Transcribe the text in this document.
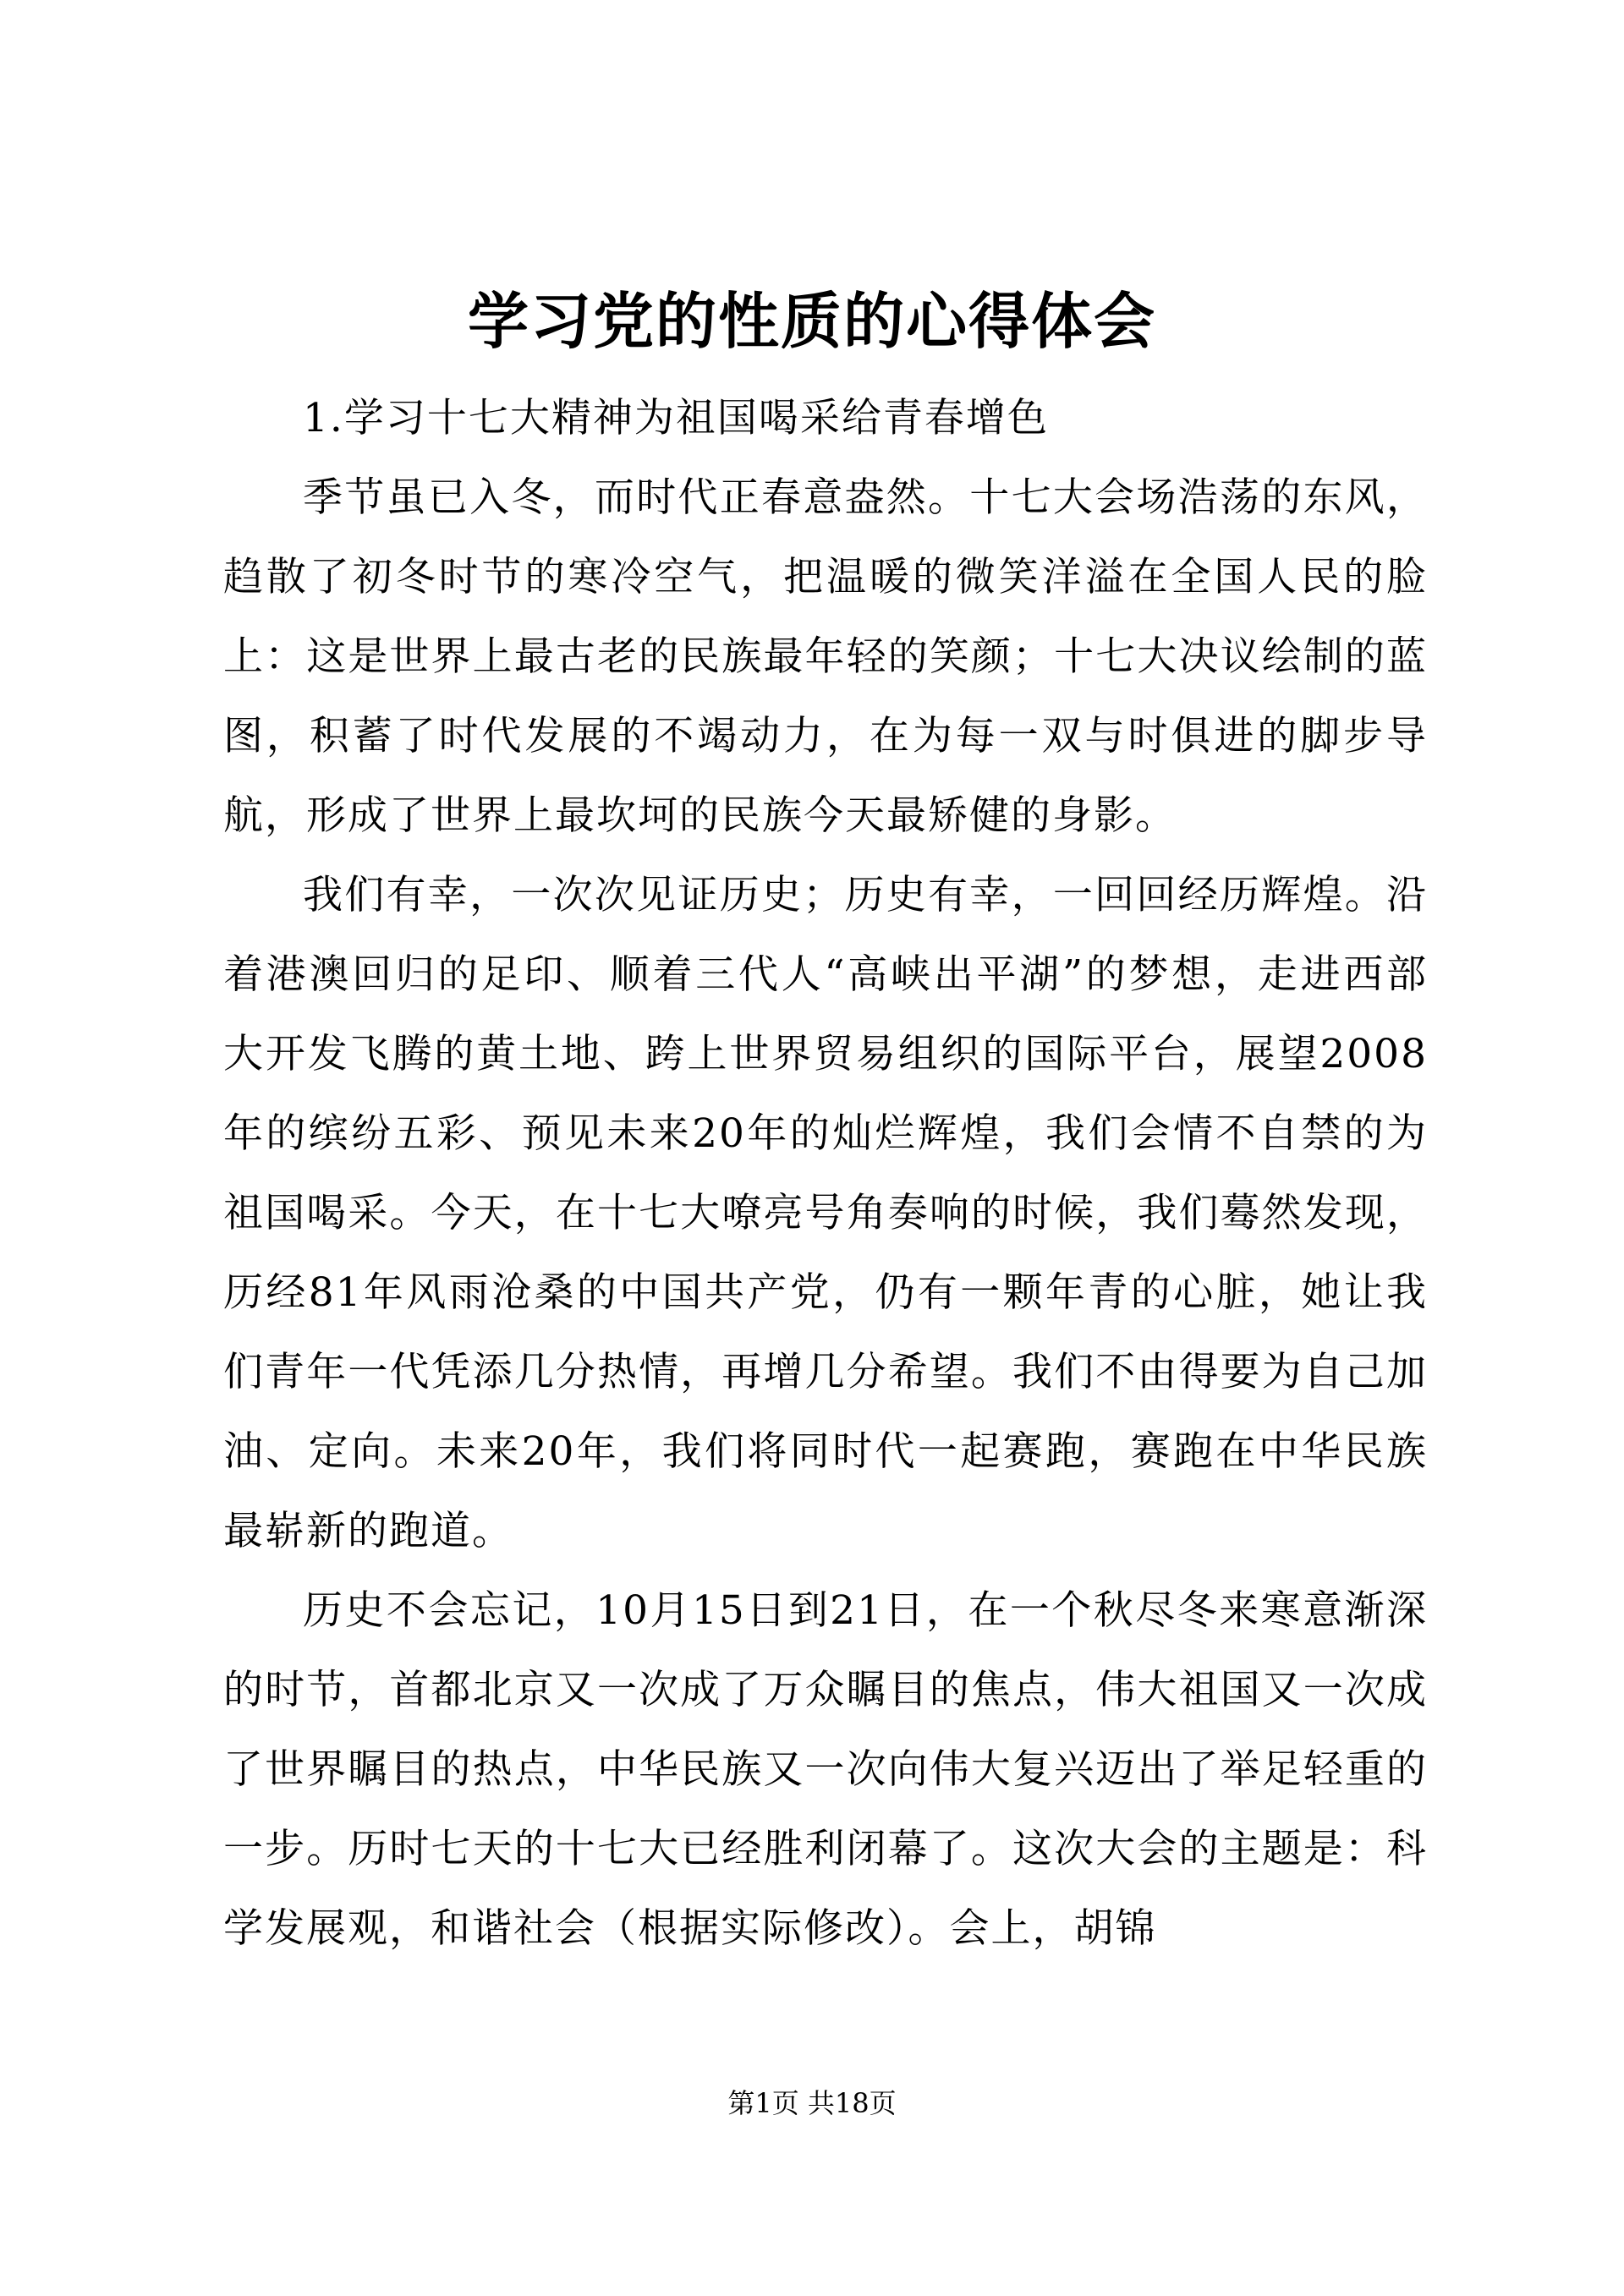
学习党的性质的心得体会

1.学习十七大精神为祖国喝采给青春增色

季节虽已入冬，而时代正春意盎然。十七大会场浩荡的东风，趋散了初冬时节的寒冷空气，把温暖的微笑洋溢在全国人民的脸上：这是世界上最古老的民族最年轻的笑颜；十七大决议绘制的蓝图，积蓄了时代发展的不竭动力，在为每一双与时俱进的脚步导航，形成了世界上最坎坷的民族今天最矫健的身影。

我们有幸，一次次见证历史；历史有幸，一回回经历辉煌。沿着港澳回归的足印、顺着三代人“高峡出平湖”的梦想，走进西部大开发飞腾的黄土地、跨上世界贸易组织的国际平台，展望2008年的缤纷五彩、预见未来20年的灿烂辉煌，我们会情不自禁的为祖国喝采。今天，在十七大嘹亮号角奏响的时候，我们蓦然发现，历经81年风雨沧桑的中国共产党，仍有一颗年青的心脏，她让我们青年一代凭添几分热情，再增几分希望。我们不由得要为自己加油、定向。未来20年，我们将同时代一起赛跑，赛跑在中华民族最崭新的跑道。

历史不会忘记，10月15日到21日，在一个秋尽冬来寒意渐深的时节，首都北京又一次成了万众瞩目的焦点，伟大祖国又一次成了世界瞩目的热点，中华民族又一次向伟大复兴迈出了举足轻重的一步。历时七天的十七大已经胜利闭幕了。这次大会的主题是：科学发展观，和谐社会（根据实际修改）。会上，胡锦

第1页 共18页
